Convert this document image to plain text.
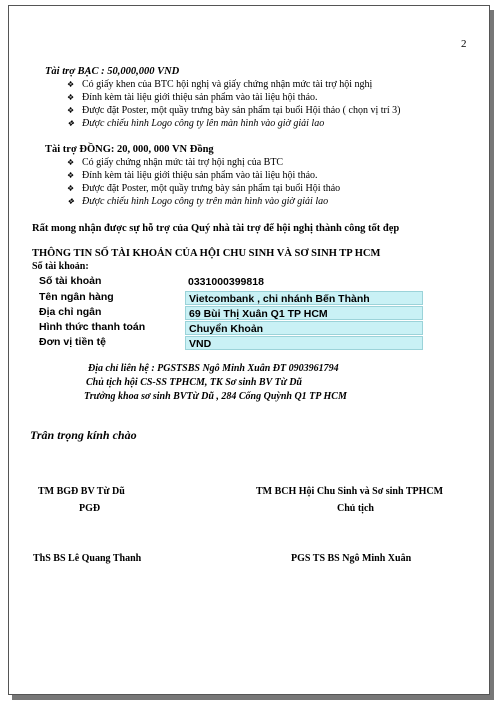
2
Tài trợ BẠC : 50,000,000 VND
❖ Có giấy khen của BTC hội nghị và giấy chứng nhận mức tài trợ hội nghị
❖ Đính kèm tài liệu giới thiệu sản phẩm vào tài liệu hội thảo.
❖ Được đặt Poster, một quầy trưng bày sản phẩm tại buổi Hội thảo ( chọn vị trí 3)
❖ Được chiếu hình Logo công ty lên màn hình vào giờ giải lao
Tài trợ ĐỒNG: 20, 000, 000 VN Đồng
❖ Có giấy chứng nhận mức tài trợ hội nghị của BTC
❖ Đính kèm tài liệu giới thiệu sản phẩm vào tài liệu hội thảo.
❖ Được đặt Poster, một quầy trưng bày sản phẩm tại buổi Hội thảo
❖ Được chiếu hình Logo công ty trên màn hình vào giờ giải lao
Rất mong nhận được sự hỗ trợ của Quý nhà tài trợ để hội nghị thành công tốt đẹp
THÔNG TIN SỐ TÀI KHOẢN CỦA HỘI CHU SINH VÀ SƠ SINH TP HCM
Số tài khoản:
Số tài khoản	0331000399818
Tên ngân hàng	Vietcombank , chi nhánh Bến Thành
Địa chỉ ngân	69 Bùi Thị Xuân Q1 TP HCM
Hình thức thanh toán	Chuyển Khoản
Đơn vị tiền tệ	VND
Địa chỉ liên hệ : PGSTSBS Ngô Minh Xuân ĐT 0903961794
Chủ tịch hội CS-SS TPHCM, TK Sơ sinh BV Từ Dũ
Trưởng khoa sơ sinh BVTừ Dũ , 284 Cống Quỳnh Q1 TP HCM
Trân trọng kính chào
TM BGĐ BV Từ Dũ
PGĐ
ThS BS Lê Quang Thanh
TM BCH Hội Chu Sinh và Sơ sinh TPHCM
Chủ tịch
PGS TS BS Ngô Minh Xuân
